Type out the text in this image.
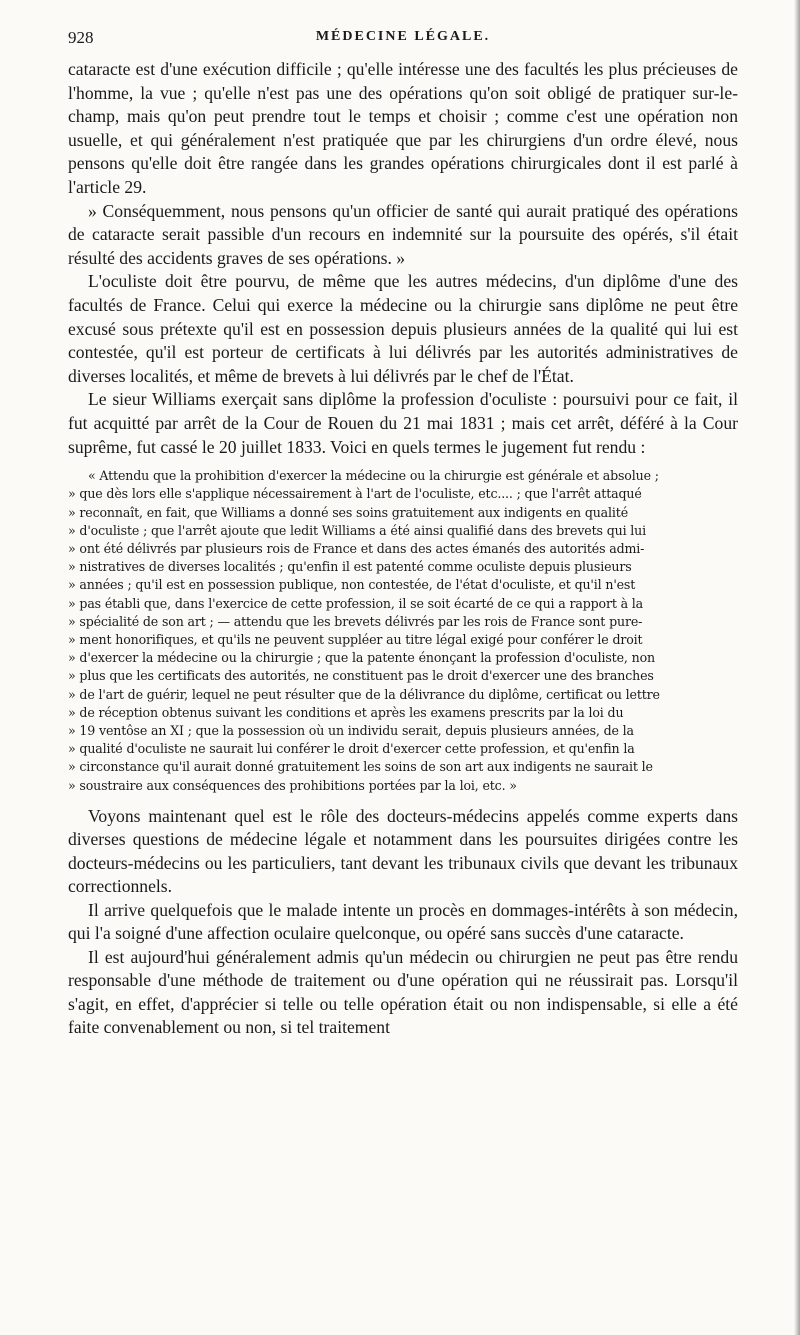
928	MÉDECINE LÉGALE.

cataracte est d'une exécution difficile ; qu'elle intéresse une des facultés les plus précieuses de l'homme, la vue ; qu'elle n'est pas une des opérations qu'on soit obligé de pratiquer sur-le-champ, mais qu'on peut prendre tout le temps et choisir ; comme c'est une opération non usuelle, et qui généralement n'est pratiquée que par les chirurgiens d'un ordre élevé, nous pensons qu'elle doit être rangée dans les grandes opérations chirurgicales dont il est parlé à l'article 29.

» Conséquemment, nous pensons qu'un officier de santé qui aurait pratiqué des opérations de cataracte serait passible d'un recours en indemnité sur la poursuite des opérés, s'il était résulté des accidents graves de ses opérations. »

L'oculiste doit être pourvu, de même que les autres médecins, d'un diplôme d'une des facultés de France. Celui qui exerce la médecine ou la chirurgie sans diplôme ne peut être excusé sous prétexte qu'il est en possession depuis plusieurs années de la qualité qui lui est contestée, qu'il est porteur de certificats à lui délivrés par les autorités administratives de diverses localités, et même de brevets à lui délivrés par le chef de l'État.

Le sieur Williams exerçait sans diplôme la profession d'oculiste : poursuivi pour ce fait, il fut acquitté par arrêt de la Cour de Rouen du 21 mai 1831 ; mais cet arrêt, déféré à la Cour suprême, fut cassé le 20 juillet 1833. Voici en quels termes le jugement fut rendu :

« Attendu que la prohibition d'exercer la médecine ou la chirurgie est générale et absolue ;

» que dès lors elle s'applique nécessairement à l'art de l'oculiste, etc.... ; que l'arrêt attaqué

» reconnaît, en fait, que Williams a donné ses soins gratuitement aux indigents en qualité

» d'oculiste ; que l'arrêt ajoute que ledit Williams a été ainsi qualifié dans des brevets qui lui

» ont été délivrés par plusieurs rois de France et dans des actes émanés des autorités admi-

» nistratives de diverses localités ; qu'enfin il est patenté comme oculiste depuis plusieurs

» années ; qu'il est en possession publique, non contestée, de l'état d'oculiste, et qu'il n'est

» pas établi que, dans l'exercice de cette profession, il se soit écarté de ce qui a rapport à la

» spécialité de son art ; — attendu que les brevets délivrés par les rois de France sont pure-

» ment honorifiques, et qu'ils ne peuvent suppléer au titre légal exigé pour conférer le droit

» d'exercer la médecine ou la chirurgie ; que la patente énonçant la profession d'oculiste, non

» plus que les certificats des autorités, ne constituent pas le droit d'exercer une des branches

» de l'art de guérir, lequel ne peut résulter que de la délivrance du diplôme, certificat ou lettre

» de réception obtenus suivant les conditions et après les examens prescrits par la loi du

» 19 ventôse an XI ; que la possession où un individu serait, depuis plusieurs années, de la

» qualité d'oculiste ne saurait lui conférer le droit d'exercer cette profession, et qu'enfin la

» circonstance qu'il aurait donné gratuitement les soins de son art aux indigents ne saurait le

» soustraire aux conséquences des prohibitions portées par la loi, etc. »

Voyons maintenant quel est le rôle des docteurs-médecins appelés comme experts dans diverses questions de médecine légale et notamment dans les poursuites dirigées contre les docteurs-médecins ou les particuliers, tant devant les tribunaux civils que devant les tribunaux correctionnels.

Il arrive quelquefois que le malade intente un procès en dommages-intérêts à son médecin, qui l'a soigné d'une affection oculaire quelconque, ou opéré sans succès d'une cataracte.

Il est aujourd'hui généralement admis qu'un médecin ou chirurgien ne peut pas être rendu responsable d'une méthode de traitement ou d'une opération qui ne réussirait pas. Lorsqu'il s'agit, en effet, d'apprécier si telle ou telle opération était ou non indispensable, si elle a été faite convenablement ou non, si tel traitement
